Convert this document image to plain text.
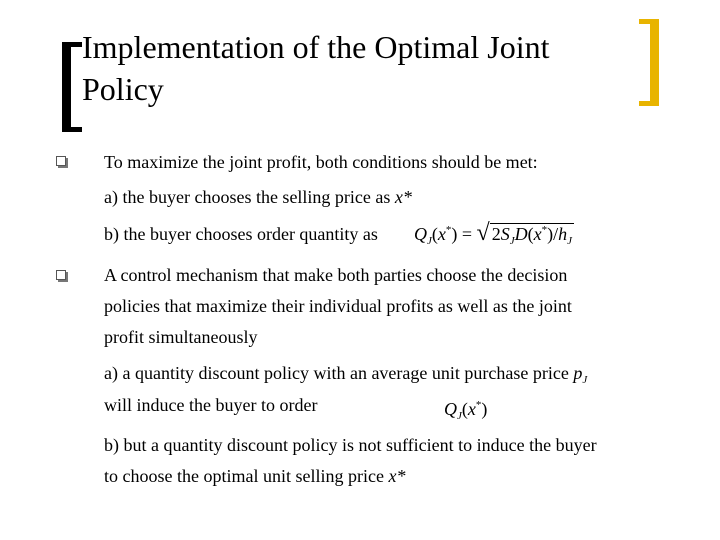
Implementation of the Optimal Joint
Policy
To maximize the joint profit, both conditions should be met:
a) the buyer chooses the selling price as x*
b) the buyer chooses order quantity as $Q_J(x^*)$ = √ $2S_JD(x^*)/h_J$
A control mechanism that make both parties choose the decision
policies that maximize their individual profits as well as the joint
profit simultaneously
a) a quantity discount policy with an average unit purchase price $p_J$
will induce the buyer to order	$Q_J(x^*)$
b) but a quantity discount policy is not sufficient to induce the buyer
to choose the optimal unit selling price x*
